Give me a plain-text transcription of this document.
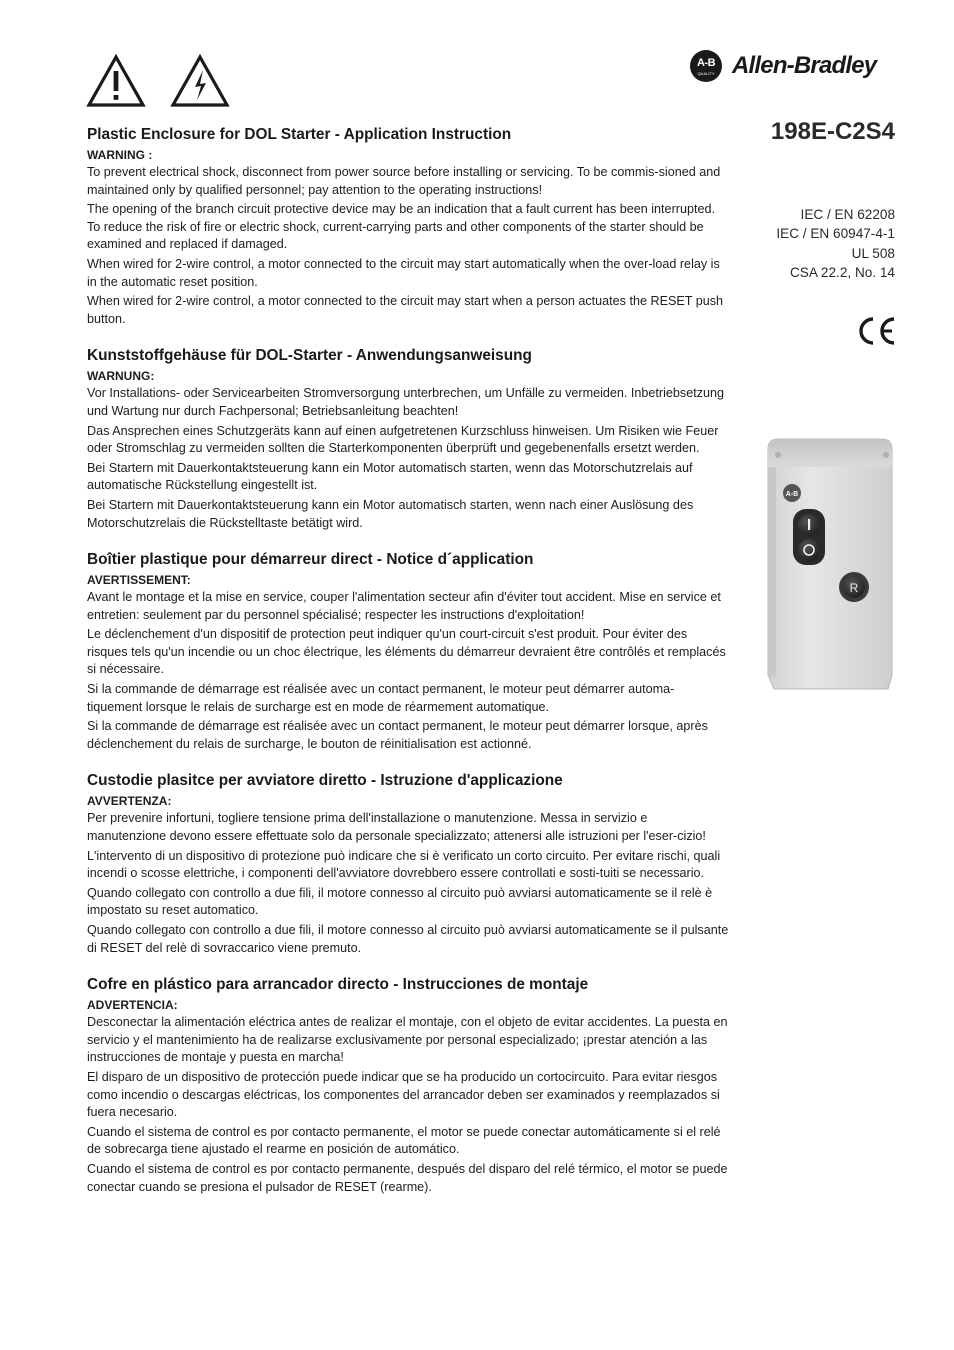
A-B
QUALITY Allen-Bradley
198E-C2S4
IEC / EN 62208
IEC / EN 60947-4-1
UL 508
CSA 22.2, No. 14
A-B
R
Plastic Enclosure for DOL Starter - Application Instruction
WARNING :

To prevent electrical shock, disconnect from power source before installing or servicing. To be commis-sioned and maintained only by qualified personnel; pay attention to the operating instructions!

The opening of the branch circuit protective device may be an indication that a fault current has been interrupted. To reduce the risk of fire or electric shock, current-carrying parts and other components of the starter should be examined and replaced if damaged.

When wired for 2-wire control, a motor connected to the circuit may start automatically when the over-load relay is in the automatic reset position.

When wired for 2-wire control, a motor connected to the circuit may start when a person actuates the RESET push button.

Kunststoffgehäuse für DOL-Starter - Anwendungsanweisung
WARNUNG:

Vor Installations- oder Servicearbeiten Stromversorgung unterbrechen, um Unfälle zu vermeiden. Inbetriebsetzung und Wartung nur durch Fachpersonal; Betriebsanleitung beachten!

Das Ansprechen eines Schutzgeräts kann auf einen aufgetretenen Kurzschluss hinweisen. Um Risiken wie Feuer oder Stromschlag zu vermeiden sollten die Starterkomponenten überprüft und gegebenenfalls ersetzt werden.

Bei Startern mit Dauerkontaktsteuerung kann ein Motor automatisch starten, wenn das Motorschutzrelais auf automatische Rückstellung eingestellt ist.

Bei Startern mit Dauerkontaktsteuerung kann ein Motor automatisch starten, wenn nach einer Auslösung des Motorschutzrelais die Rückstelltaste betätigt wird.

Boîtier plastique pour démarreur direct - Notice d´application
AVERTISSEMENT:

Avant le montage et la mise en service, couper l'alimentation secteur afin d'éviter tout accident. Mise en service et entretien: seulement par du personnel spécialisé; respecter les instructions d'exploitation!

Le déclenchement d'un dispositif de protection peut indiquer qu'un court-circuit s'est produit. Pour éviter des risques tels qu'un incendie ou un choc électrique, les éléments du démarreur devraient être contrôlés et remplacés si nécessaire.

Si la commande de démarrage est réalisée avec un contact permanent, le moteur peut démarrer automa-tiquement lorsque le relais de surcharge est en mode de réarmement automatique.

Si la commande de démarrage est réalisée avec un contact permanent, le moteur peut démarrer lorsque, après déclenchement du relais de surcharge, le bouton de réinitialisation est actionné.

Custodie plasitce per avviatore diretto - Istruzione d'applicazione
AVVERTENZA:

Per prevenire infortuni, togliere tensione prima dell'installazione o manutenzione. Messa in servizio e manutenzione devono essere effettuate solo da personale specializzato; attenersi alle istruzioni per l'eser-cizio!

L'intervento di un dispositivo di protezione può indicare che si è verificato un corto circuito. Per evitare rischi, quali incendi o scosse elettriche, i componenti dell'avviatore dovrebbero essere controllati e sosti-tuiti se necessario.

Quando collegato con controllo a due fili, il motore connesso al circuito può avviarsi automaticamente se il relè è impostato su reset automatico.

Quando collegato con controllo a due fili, il motore connesso al circuito può avviarsi automaticamente se il pulsante di RESET del relè di sovraccarico viene premuto.

Cofre en plástico para arrancador directo - Instrucciones de montaje
ADVERTENCIA:

Desconectar la alimentación eléctrica antes de realizar el montaje, con el objeto de evitar accidentes. La puesta en servicio y el mantenimiento ha de realizarse exclusivamente por personal especializado; ¡prestar atención a las instrucciones de montaje y puesta en marcha!

El disparo de un dispositivo de protección puede indicar que se ha producido un cortocircuito. Para evitar riesgos como incendio o descargas eléctricas, los componentes del arrancador deben ser examinados y reemplazados si fuera necesario.

Cuando el sistema de control es por contacto permanente, el motor se puede conectar automáticamente si el relé de sobrecarga tiene ajustado el rearme en posición de automático.

Cuando el sistema de control es por contacto permanente, después del disparo del relé térmico, el motor se puede conectar cuando se presiona el pulsador de RESET (rearme).
